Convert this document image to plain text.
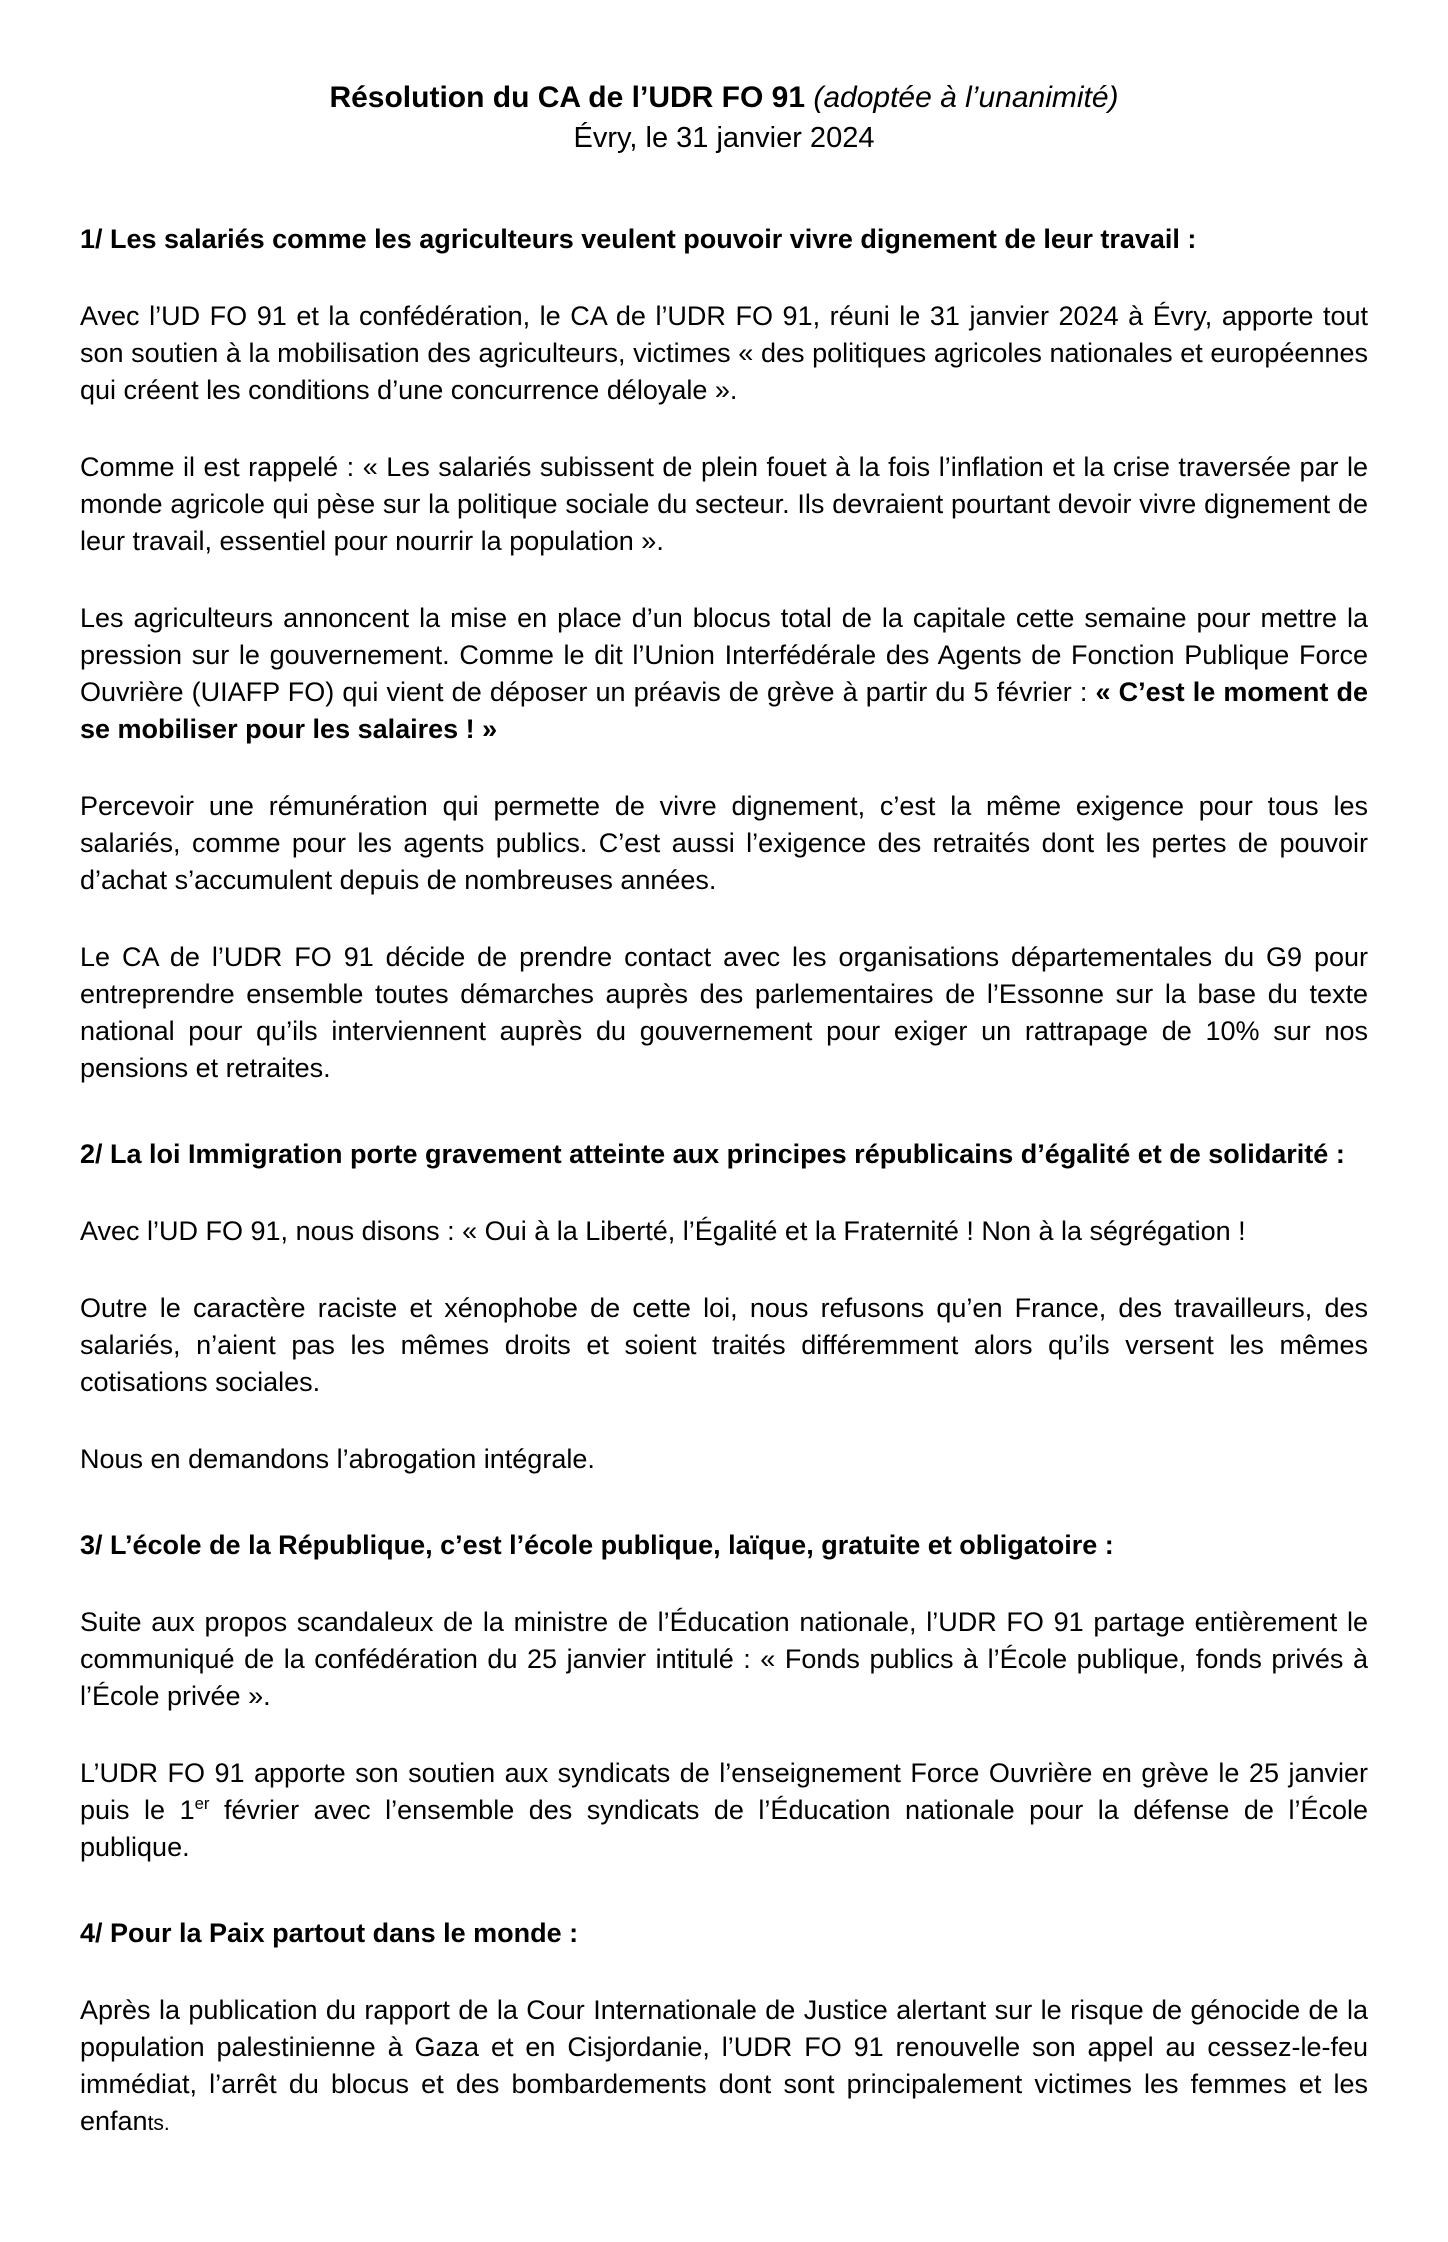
Résolution du CA de l’UDR FO 91 (adoptée à l’unanimité)
Évry, le 31 janvier 2024
1/ Les salariés comme les agriculteurs veulent pouvoir vivre dignement de leur travail :

Avec l’UD FO 91 et la confédération, le CA de l’UDR FO 91, réuni le 31 janvier 2024 à Évry, apporte tout son soutien à la mobilisation des agriculteurs, victimes « des politiques agricoles nationales et européennes qui créent les conditions d’une concurrence déloyale ».

Comme il est rappelé : « Les salariés subissent de plein fouet à la fois l’inflation et la crise traversée par le monde agricole qui pèse sur la politique sociale du secteur. Ils devraient pourtant devoir vivre dignement de leur travail, essentiel pour nourrir la population ».

Les agriculteurs annoncent la mise en place d’un blocus total de la capitale cette semaine pour mettre la pression sur le gouvernement. Comme le dit l’Union Interfédérale des Agents de Fonction Publique Force Ouvrière (UIAFP FO) qui vient de déposer un préavis de grève à partir du 5 février : « C’est le moment de se mobiliser pour les salaires ! »

Percevoir une rémunération qui permette de vivre dignement, c’est la même exigence pour tous les salariés, comme pour les agents publics. C’est aussi l’exigence des retraités dont les pertes de pouvoir d’achat s’accumulent depuis de nombreuses années.

Le CA de l’UDR FO 91 décide de prendre contact avec les organisations départementales du G9 pour entreprendre ensemble toutes démarches auprès des parlementaires de l’Essonne sur la base du texte national pour qu’ils interviennent auprès du gouvernement pour exiger un rattrapage de 10% sur nos pensions et retraites.

2/ La loi Immigration porte gravement atteinte aux principes républicains d’égalité et de solidarité :

Avec l’UD FO 91, nous disons : « Oui à la Liberté, l’Égalité et la Fraternité ! Non à la ségrégation !

Outre le caractère raciste et xénophobe de cette loi, nous refusons qu’en France, des travailleurs, des salariés, n’aient pas les mêmes droits et soient traités différemment alors qu’ils versent les mêmes cotisations sociales.

Nous en demandons l’abrogation intégrale.

3/ L’école de la République, c’est l’école publique, laïque, gratuite et obligatoire :

Suite aux propos scandaleux de la ministre de l’Éducation nationale, l’UDR FO 91 partage entièrement le communiqué de la confédération du 25 janvier intitulé : « Fonds publics à l’École publique, fonds privés à l’École privée ».

L’UDR FO 91 apporte son soutien aux syndicats de l’enseignement Force Ouvrière en grève le 25 janvier puis le 1er février avec l’ensemble des syndicats de l’Éducation nationale pour la défense de l’École publique.

4/ Pour la Paix partout dans le monde :

Après la publication du rapport de la Cour Internationale de Justice alertant sur le risque de génocide de la population palestinienne à Gaza et en Cisjordanie, l’UDR FO 91 renouvelle son appel au cessez-le-feu immédiat, l’arrêt du blocus et des bombardements dont sont principalement victimes les femmes et les enfants.
